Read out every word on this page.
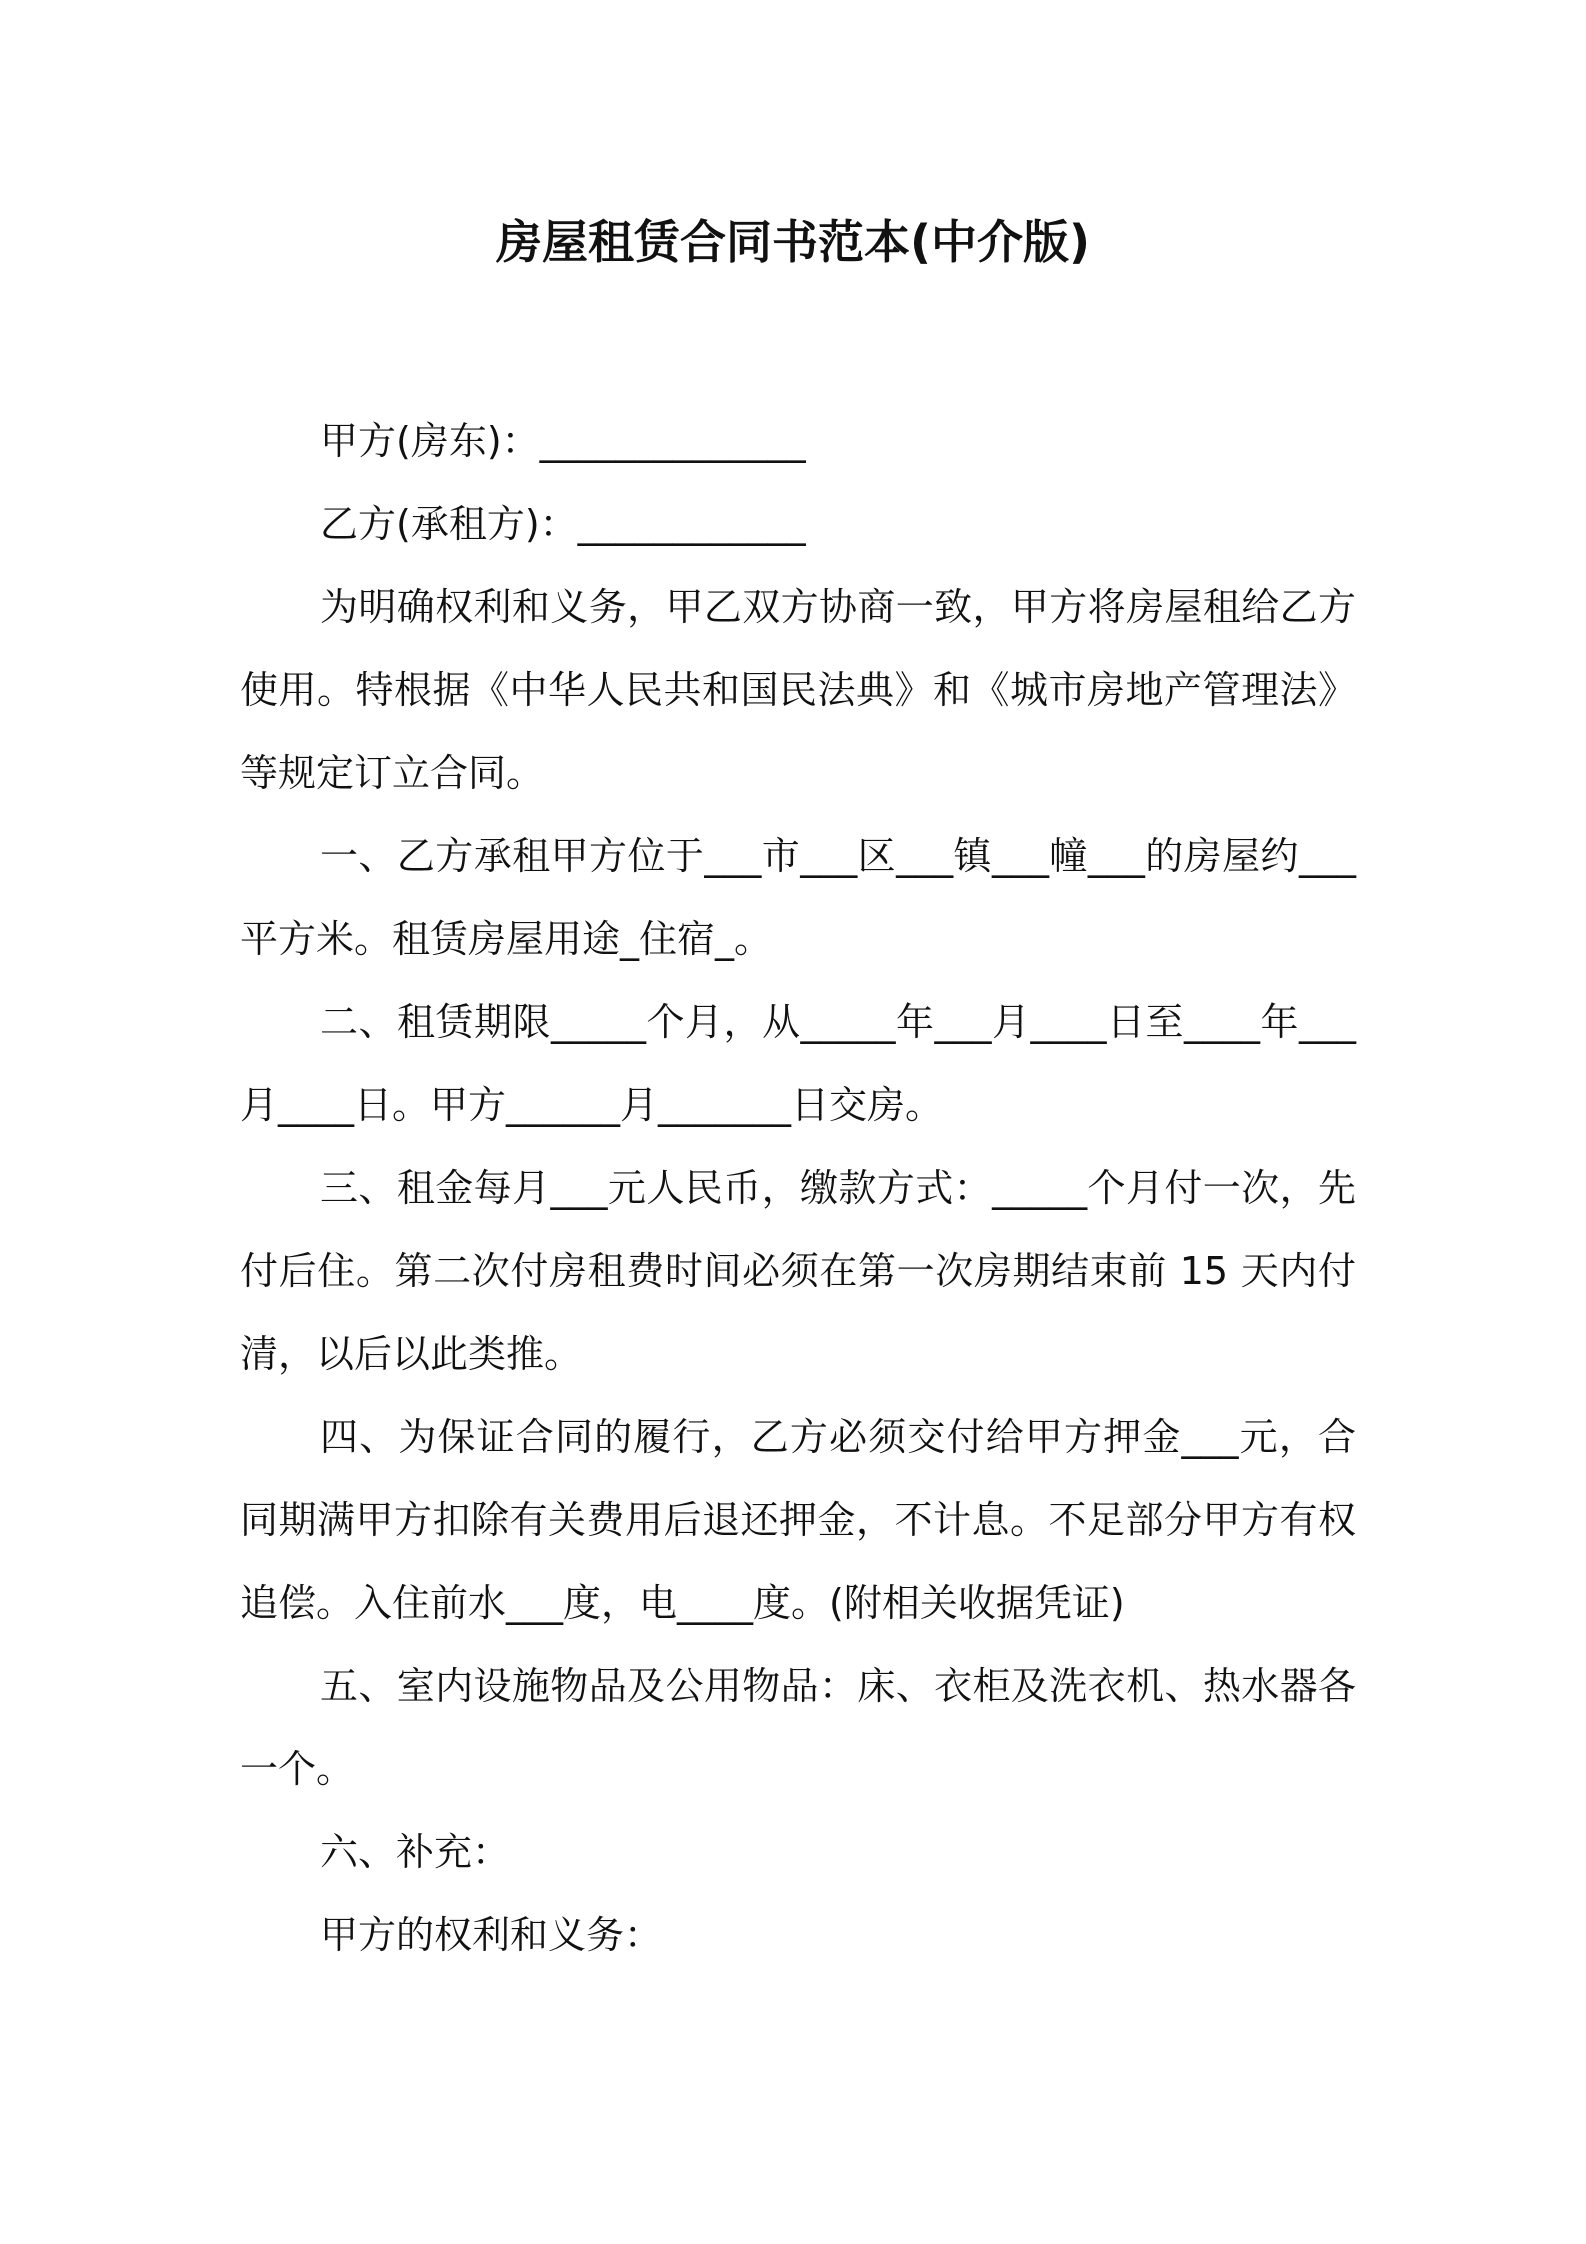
房屋租赁合同书范本(中介版)

甲方(房东)：______________

乙方(承租方)：____________

为明确权利和义务，甲乙双方协商一致，甲方将房屋租给乙方使用。特根据《中华人民共和国民法典》和《城市房地产管理法》等规定订立合同。

一、乙方承租甲方位于___市___区___镇___幢___的房屋约___平方米。租赁房屋用途_住宿_。

二、租赁期限_____个月，从_____年___月____日至____年___月____日。甲方______月_______日交房。

三、租金每月___元人民币，缴款方式：_____个月付一次，先付后住。第二次付房租费时间必须在第一次房期结束前 15 天内付清，以后以此类推。

四、为保证合同的履行，乙方必须交付给甲方押金___元，合同期满甲方扣除有关费用后退还押金，不计息。不足部分甲方有权追偿。入住前水___度，电____度。(附相关收据凭证)

五、室内设施物品及公用物品：床、衣柜及洗衣机、热水器各一个。

六、补充：

甲方的权利和义务：
